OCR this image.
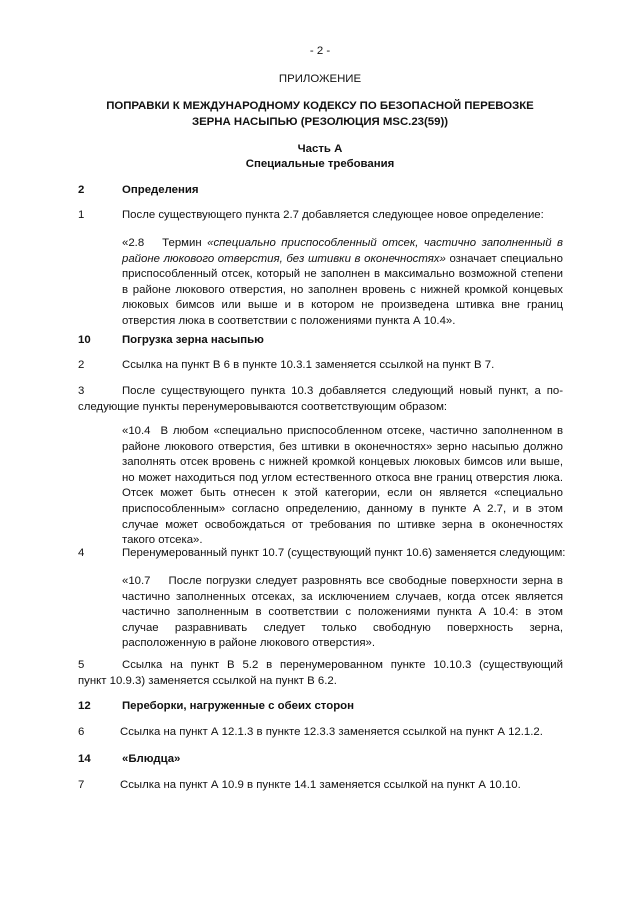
- 2 -
ПРИЛОЖЕНИЕ
ПОПРАВКИ К МЕЖДУНАРОДНОМУ КОДЕКСУ ПО БЕЗОПАСНОЙ ПЕРЕВОЗКЕ
ЗЕРНА НАСЫПЬЮ (РЕЗОЛЮЦИЯ MSC.23(59))
Часть А
Специальные требования
2	Определения
1	После существующего пункта 2.7 добавляется следующее новое определение:
«2.8 Термин «специально приспособленный отсек, частично заполненный в районе люкового отверстия, без штивки в оконечностях» означает специально приспособленный отсек, который не заполнен в максимально возможной степени в районе люкового отверстия, но заполнен вровень с нижней кромкой концевых люковых бимсов или выше и в котором не произведена штивка вне границ отверстия люка в соответствии с положениями пункта А 10.4».
10	Погрузка зерна насыпью
2	Ссылка на пункт В 6 в пункте 10.3.1 заменяется ссылкой на пункт В 7.
3	После существующего пункта 10.3 добавляется следующий новый пункт, а по-
следующие пункты перенумеровываются соответствующим образом:
«10.4 В любом «специально приспособленном отсеке, частично заполненном в районе люкового отверстия, без штивки в оконечностях» зерно насыпью должно заполнять отсек вровень с нижней кромкой концевых люковых бимсов или выше, но может находиться под углом естественного откоса вне границ отверстия люка. Отсек может быть отнесен к этой категории, если он является «специально приспособленным» согласно определению, данному в пункте А 2.7, и в этом случае может освобождаться от требования по штивке зерна в оконечностях такого отсека».
4	Перенумерованный пункт 10.7 (существующий пункт 10.6) заменяется следующим:
«10.7 После погрузки следует разровнять все свободные поверхности зерна в частично заполненных отсеках, за исключением случаев, когда отсек является частично заполненным в соответствии с положениями пункта А 10.4: в этом случае разравнивать следует только свободную поверхность зерна, расположенную в районе люкового отверстия».
5	Ссылка на пункт В 5.2 в перенумерованном пункте 10.10.3 (существующий
пункт 10.9.3) заменяется ссылкой на пункт В 6.2.
12	Переборки, нагруженные с обеих сторон
6	Ссылка на пункт А 12.1.3 в пункте 12.3.3 заменяется ссылкой на пункт А 12.1.2.
14	«Блюдца»
7	Ссылка на пункт А 10.9 в пункте 14.1 заменяется ссылкой на пункт А 10.10.
